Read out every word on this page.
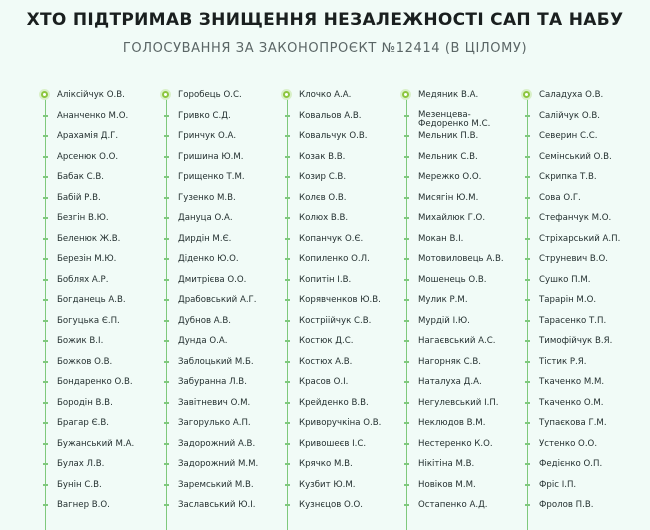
ХТО ПІДТРИМАВ ЗНИЩЕННЯ НЕЗАЛЕЖНОСТІ САП ТА НАБУ
ГОЛОСУВАННЯ ЗА ЗАКОНОПРОЄКТ №12414 (В ЦІЛОМУ)
Аліксійчук О.В.
Ананченко М.О.
Арахамія Д.Г.
Арсенюк О.О.
Бабак С.В.
Бабій Р.В.
Безгін В.Ю.
Беленюк Ж.В.
Березін М.Ю.
Боблях А.Р.
Богданець А.В.
Богуцька Є.П.
Божик В.І.
Божков О.В.
Бондаренко О.В.
Бородін В.В.
Брагар Є.В.
Бужанський М.А.
Булах Л.В.
Бунін С.В.
Вагнер В.О.
Горобець О.С.
Гривко С.Д.
Гринчук О.А.
Гришина Ю.М.
Грищенко Т.М.
Гузенко М.В.
Дануца О.А.
Дирдін М.Є.
Діденко Ю.О.
Дмитрієва О.О.
Драбовський А.Г.
Дубнов А.В.
Дунда О.А.
Заблоцький М.Б.
Забуранна Л.В.
Завітневич О.М.
Загорулько А.П.
Задорожний А.В.
Задорожний М.М.
Заремський М.В.
Заславський Ю.І.
Клочко А.А.
Ковальов А.В.
Ковальчук О.В.
Козак В.В.
Козир С.В.
Колєв О.В.
Колюх В.В.
Копанчук О.Є.
Копиленко О.Л.
Копитін І.В.
Корявченков Ю.В.
Костріійчук С.В.
Костюк Д.С.
Костюх А.В.
Красов О.І.
Крейденко В.В.
Криворучкіна О.В.
Кривошеєв І.С.
Крячко М.В.
Кузбит Ю.М.
Кузнєцов О.О.
Медяник В.А.
Мезенцева-
Федоренко М.С.
Мельник П.В.
Мельник С.В.
Мережко О.О.
Мисягін Ю.М.
Михайлюк Г.О.
Мокан В.І.
Мотовиловець А.В.
Мошенець О.В.
Мулик Р.М.
Мурдій І.Ю.
Нагаєвський А.С.
Нагорняк С.В.
Наталуха Д.А.
Негулевський І.П.
Неклюдов В.М.
Нестеренко К.О.
Нікітіна М.В.
Новіков М.М.
Остапенко А.Д.
Саладуха О.В.
Салійчук О.В.
Северин С.С.
Семінський О.В.
Скрипка Т.В.
Сова О.Г.
Стефанчук М.О.
Стріхарський А.П.
Струневич В.О.
Сушко П.М.
Тарарін М.О.
Тарасенко Т.П.
Тимофійчук В.Я.
Тістик Р.Я.
Ткаченко М.М.
Ткаченко О.М.
Тупаєкова Г.М.
Устенко О.О.
Федієнко О.П.
Фріс І.П.
Фролов П.В.
